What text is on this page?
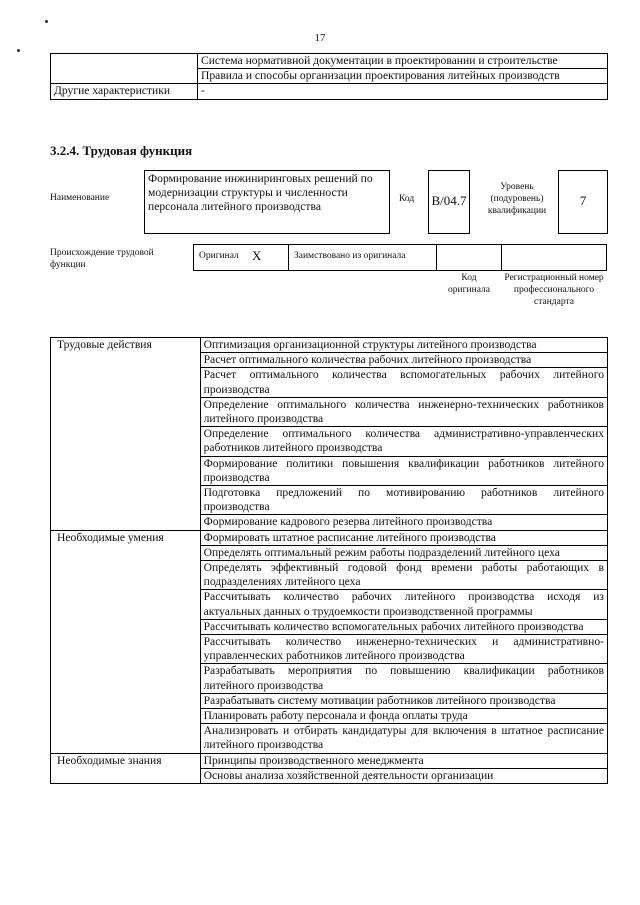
17
	Система нормативной документации в проектировании и строительстве
	Правила и способы организации проектирования литейных производств
Другие характеристики	-
3.2.4. Трудовая функция
Наименование
Формирование инжиниринговых решений по модернизации структуры и численности персонала литейного производства
Код B/04.7
Уровень (подуровень) квалификации
7
Происхождение трудовой функции
Оригинал X	Заимствовано из оригинала
Код оригинала
Регистрационный номер профессионального стандарта
Трудовые действия	Оптимизация организационной структуры литейного производства
	Расчет оптимального количества рабочих литейного производства
	Расчет оптимального количества вспомогательных рабочих литейного производства
	Определение оптимального количества инженерно-технических работников литейного производства
	Определение оптимального количества административно-управленческих работников литейного производства
	Формирование политики повышения квалификации работников литейного производства
	Подготовка предложений по мотивированию работников литейного производства
	Формирование кадрового резерва литейного производства
Необходимые умения	Формировать штатное расписание литейного производства
	Определять оптимальный режим работы подразделений литейного цеха
	Определять эффективный годовой фонд времени работы работающих в подразделениях литейного цеха
	Рассчитывать количество рабочих литейного производства исходя из актуальных данных о трудоемкости производственной программы
	Рассчитывать количество вспомогательных рабочих литейного производства
	Рассчитывать количество инженерно-технических и административно-управленческих работников литейного производства
	Разрабатывать мероприятия по повышению квалификации работников литейного производства
	Разрабатывать систему мотивации работников литейного производства
	Планировать работу персонала и фонда оплаты труда
	Анализировать и отбирать кандидатуры для включения в штатное расписание литейного производства
Необходимые знания	Принципы производственного менеджмента
	Основы анализа хозяйственной деятельности организации
